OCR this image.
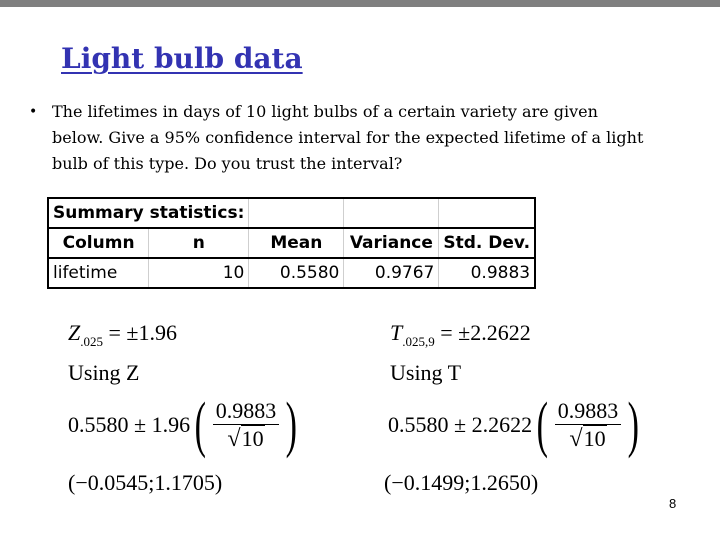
Light bulb data
• The lifetimes in days of 10 light bulbs of a certain variety are given below. Give a 95% confidence interval for the expected lifetime of a light bulb of this type. Do you trust the interval?
Summary statistics:				
Column	n	Mean	Variance	Std. Dev.
lifetime	10	0.5580	0.9767	0.9883
$Z_{.025} = \pm 1.96$
Using Z
0.5580 ± 1.96 ( $\frac{0.9883}{√ 10}$ )
(−0.0545;1.1705)
$T_{.025,9} = \pm 2.2622$
Using T
0.5580 ± 2.2622 ( $\frac{0.9883}{√ 10}$ )
(−0.1499;1.2650)
8
